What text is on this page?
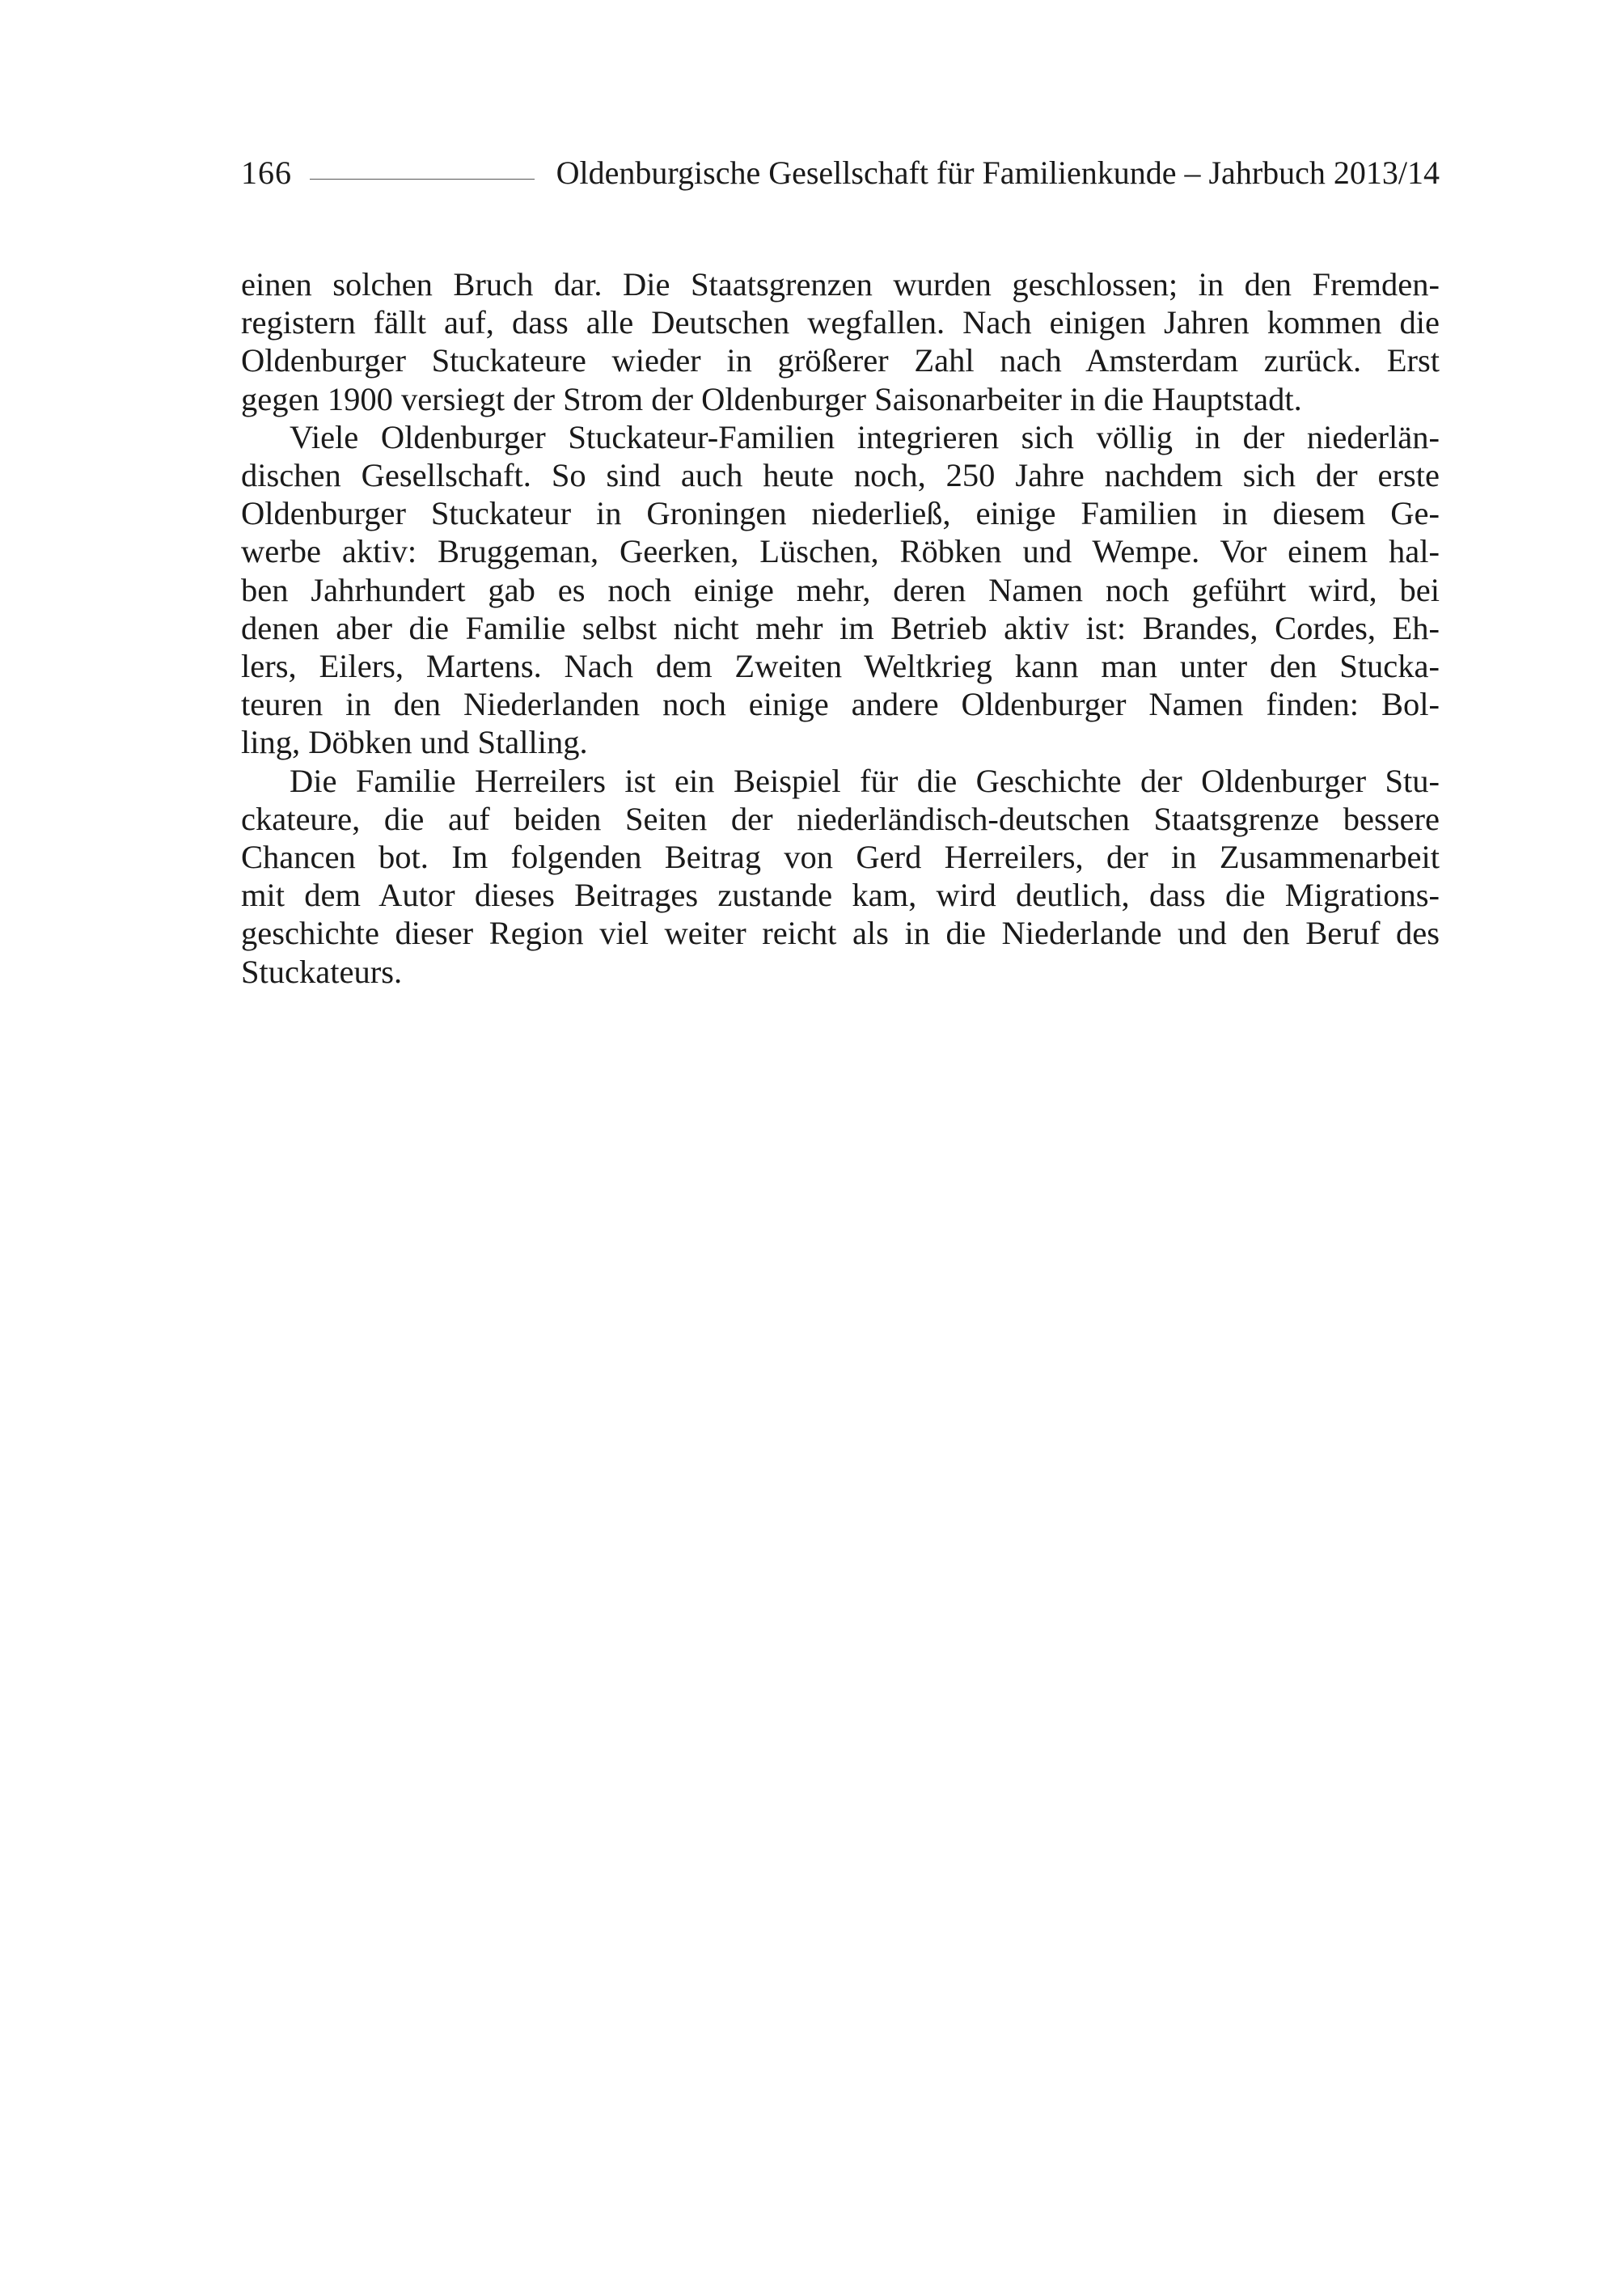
166	Oldenburgische Gesellschaft für Familienkunde – Jahrbuch 2013/14

einen solchen Bruch dar. Die Staatsgrenzen wurden geschlossen; in den Fremden-
registern fällt auf, dass alle Deutschen wegfallen. Nach einigen Jahren kommen die
Oldenburger Stuckateure wieder in größerer Zahl nach Amsterdam zurück. Erst
gegen 1900 versiegt der Strom der Oldenburger Saisonarbeiter in die Hauptstadt.

Viele Oldenburger Stuckateur-Familien integrieren sich völlig in der niederlän-
dischen Gesellschaft. So sind auch heute noch, 250 Jahre nachdem sich der erste
Oldenburger Stuckateur in Groningen niederließ, einige Familien in diesem Ge-
werbe aktiv: Bruggeman, Geerken, Lüschen, Röbken und Wempe. Vor einem hal-
ben Jahrhundert gab es noch einige mehr, deren Namen noch geführt wird, bei
denen aber die Familie selbst nicht mehr im Betrieb aktiv ist: Brandes, Cordes, Eh-
lers, Eilers, Martens. Nach dem Zweiten Weltkrieg kann man unter den Stucka-
teuren in den Niederlanden noch einige andere Oldenburger Namen finden: Bol-
ling, Döbken und Stalling.

Die Familie Herreilers ist ein Beispiel für die Geschichte der Oldenburger Stu-
ckateure, die auf beiden Seiten der niederländisch-deutschen Staatsgrenze bessere
Chancen bot. Im folgenden Beitrag von Gerd Herreilers, der in Zusammenarbeit
mit dem Autor dieses Beitrages zustande kam, wird deutlich, dass die Migrations-
geschichte dieser Region viel weiter reicht als in die Niederlande und den Beruf des
Stuckateurs.
